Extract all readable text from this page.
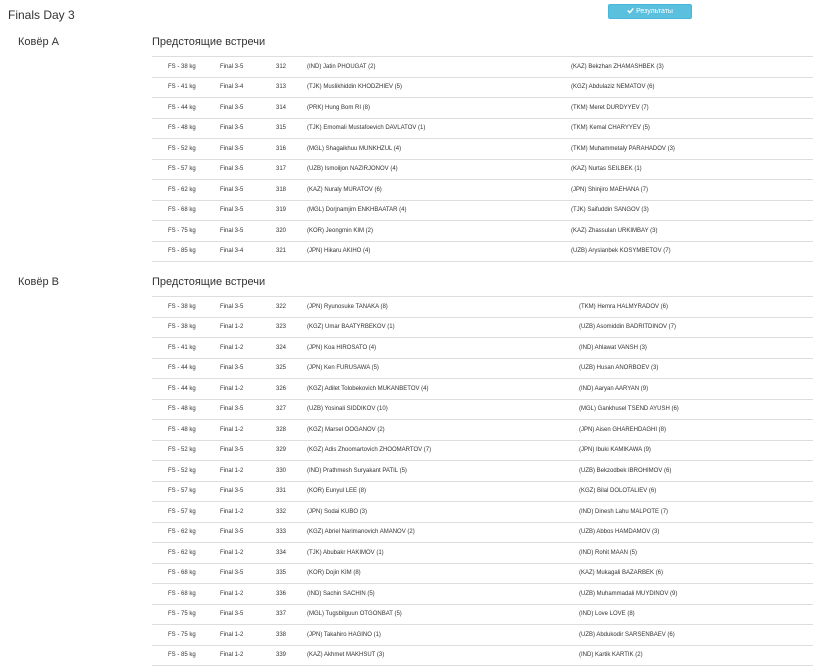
Finals Day 3	Результаты
Ковёр A	Предстоящие встречи
FS - 38 kg	Final 3-5	312	(IND) Jatin PHOUGAT (2)	(KAZ) Bekzhan ZHAMASHBEK (3)
FS - 41 kg	Final 3-4	313	(TJK) Muslikhiddin KHODZHIEV (5)	(KGZ) Abdulaziz NEMATOV (6)
FS - 44 kg	Final 3-5	314	(PRK) Hung Bom RI (8)	(TKM) Meret DURDYYEV (7)
FS - 48 kg	Final 3-5	315	(TJK) Emomali Mustafoevich DAVLATOV (1)	(TKM) Kemal CHARYYEV (5)
FS - 52 kg	Final 3-5	316	(MGL) Shagaikhuu MUNKHZUL (4)	(TKM) Muhammetaly PARAHADOV (3)
FS - 57 kg	Final 3-5	317	(UZB) Ismoiljon NAZIRJONOV (4)	(KAZ) Nurtas SEILBEK (1)
FS - 62 kg	Final 3-5	318	(KAZ) Nuraly MURATOV (6)	(JPN) Shinjiro MAEHANA (7)
FS - 68 kg	Final 3-5	319	(MGL) Dorjnamjim ENKHBAATAR (4)	(TJK) Saifuddin SANGOV (3)
FS - 75 kg	Final 3-5	320	(KOR) Jeongmin KIM (2)	(KAZ) Zhassulan URKIMBAY (3)
FS - 85 kg	Final 3-4	321	(JPN) Hikaru AKIHO (4)	(UZB) Aryslanbek KOSYMBETOV (7)
Ковёр B	Предстоящие встречи
FS - 38 kg	Final 3-5	322	(JPN) Ryunosuke TANAKA (8)	(TKM) Hemra HALMYRADOV (6)
FS - 38 kg	Final 1-2	323	(KGZ) Umar BAATYRBEKOV (1)	(UZB) Asomiddin BADRITDINOV (7)
FS - 41 kg	Final 1-2	324	(JPN) Koa HIROSATO (4)	(IND) Ahlawat VANSH (3)
FS - 44 kg	Final 3-5	325	(JPN) Ken FURUSAWA (5)	(UZB) Husan ANORBOEV (3)
FS - 44 kg	Final 1-2	326	(KGZ) Adilet Tolobekovich MUKANBETOV (4)	(IND) Aaryan AARYAN (9)
FS - 48 kg	Final 3-5	327	(UZB) Yosinali SIDDIKOV (10)	(MGL) Gankhusel TSEND AYUSH (6)
FS - 48 kg	Final 1-2	328	(KGZ) Marsel OOGANOV (2)	(JPN) Aisen GHAREHDAGHI (8)
FS - 52 kg	Final 3-5	329	(KGZ) Adis Zhoomartovich ZHOOMARTOV (7)	(JPN) Ibuki KAMIKAWA (9)
FS - 52 kg	Final 1-2	330	(IND) Prathmesh Suryakant PATIL (5)	(UZB) Bekzodbek IBROHIMOV (6)
FS - 57 kg	Final 3-5	331	(KOR) Eunyul LEE (8)	(KGZ) Bilal DOLOTALIEV (6)
FS - 57 kg	Final 1-2	332	(JPN) Sodai KUBO (3)	(IND) Dinesh Lahu MALPOTE (7)
FS - 62 kg	Final 3-5	333	(KGZ) Abriel Narimanovich AMANOV (2)	(UZB) Abbos HAMDAMOV (3)
FS - 62 kg	Final 1-2	334	(TJK) Abubakr HAKIMOV (1)	(IND) Rohit MAAN (5)
FS - 68 kg	Final 3-5	335	(KOR) Dojin KIM (8)	(KAZ) Mukagali BAZARBEK (6)
FS - 68 kg	Final 1-2	336	(IND) Sachin SACHIN (5)	(UZB) Muhammadali MUYDINOV (9)
FS - 75 kg	Final 3-5	337	(MGL) Tugsbilguun OTGONBAT (5)	(IND) Love LOVE (8)
FS - 75 kg	Final 1-2	338	(JPN) Takahiro HAGINO (1)	(UZB) Abdukodir SARSENBAEV (6)
FS - 85 kg	Final 1-2	339	(KAZ) Akhmet MAKHSUT (3)	(IND) Kartik KARTIK (2)
